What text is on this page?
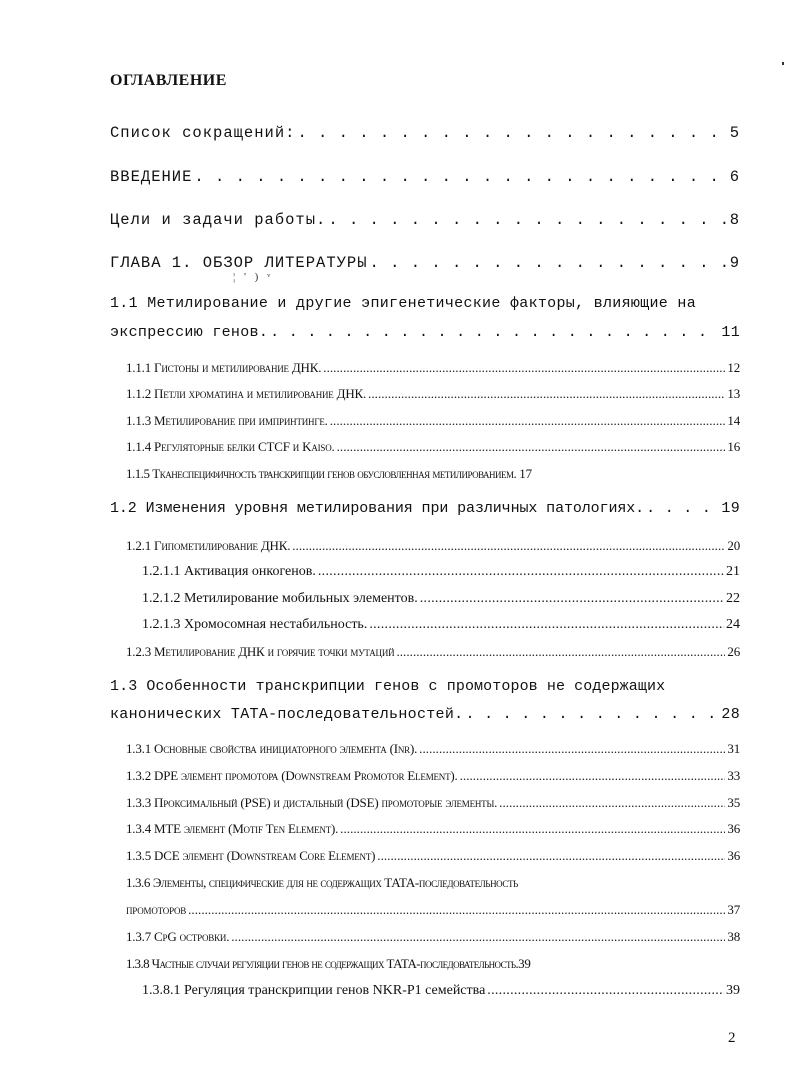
¦ ' ) ᵛ
ОГЛАВЛЕНИЕ
Список сокращений: . . .	5
ВВЕДЕНИЕ . . .	6
Цели и задачи работы. . . .	8
ГЛАВА 1. ОБЗОР ЛИТЕРАТУРЫ . . .	9
1.1 Метилирование и другие эпигенетические факторы, влияющие на
экспрессию генов. . . .	11
1.1.1 Гистоны и метилирование ДНК. . . .	12
1.1.2 Петли хроматина и метилирование ДНК. . . .	13
1.1.3 Метилирование при импринтинге. . . .	14
1.1.4 Регуляторные белки CTCF и Kaiso. . . .	16
1.1.5 Тканеспецифичность транскрипции генов обусловленная метилированием. 17
1.2 Изменения уровня метилирования при различных патологиях. . . .	19
1.2.1 Гипометилирование ДНК. . . .	20
1.2.1.1 Активация онкогенов. . . .	21
1.2.1.2 Метилирование мобильных элементов. . . .	22
1.2.1.3 Хромосомная нестабильность. . . .	24
1.2.3 Метилирование ДНК и горячие точки мутаций . . .	26
1.3 Особенности транскрипции генов с промоторов не содержащих
канонических ТАТА-последовательностей. . . .	28
1.3.1 Основные свойства инициаторного элемента (Inr). . . .	31
1.3.2 DPE элемент промотора (Downstream Promotor Element). . . .	33
1.3.3 Проксимальный (PSE) и дистальный (DSE) промоторые элементы. . . .	35
1.3.4 MTE элемент (Motif Ten Element). . . .	36
1.3.5 DCE элемент (Downstream Core Element) . . .	36
1.3.6 Элементы, специфические для не содержащих ТАТА-последовательность
промоторов . . .	37
1.3.7 CpG островки. . . .	38
1.3.8 Частные случаи регуляции генов не содержащих ТАТА-последовательность. 39
1.3.8.1 Регуляция транскрипции генов NKR-P1 семейства . . .	39
2
